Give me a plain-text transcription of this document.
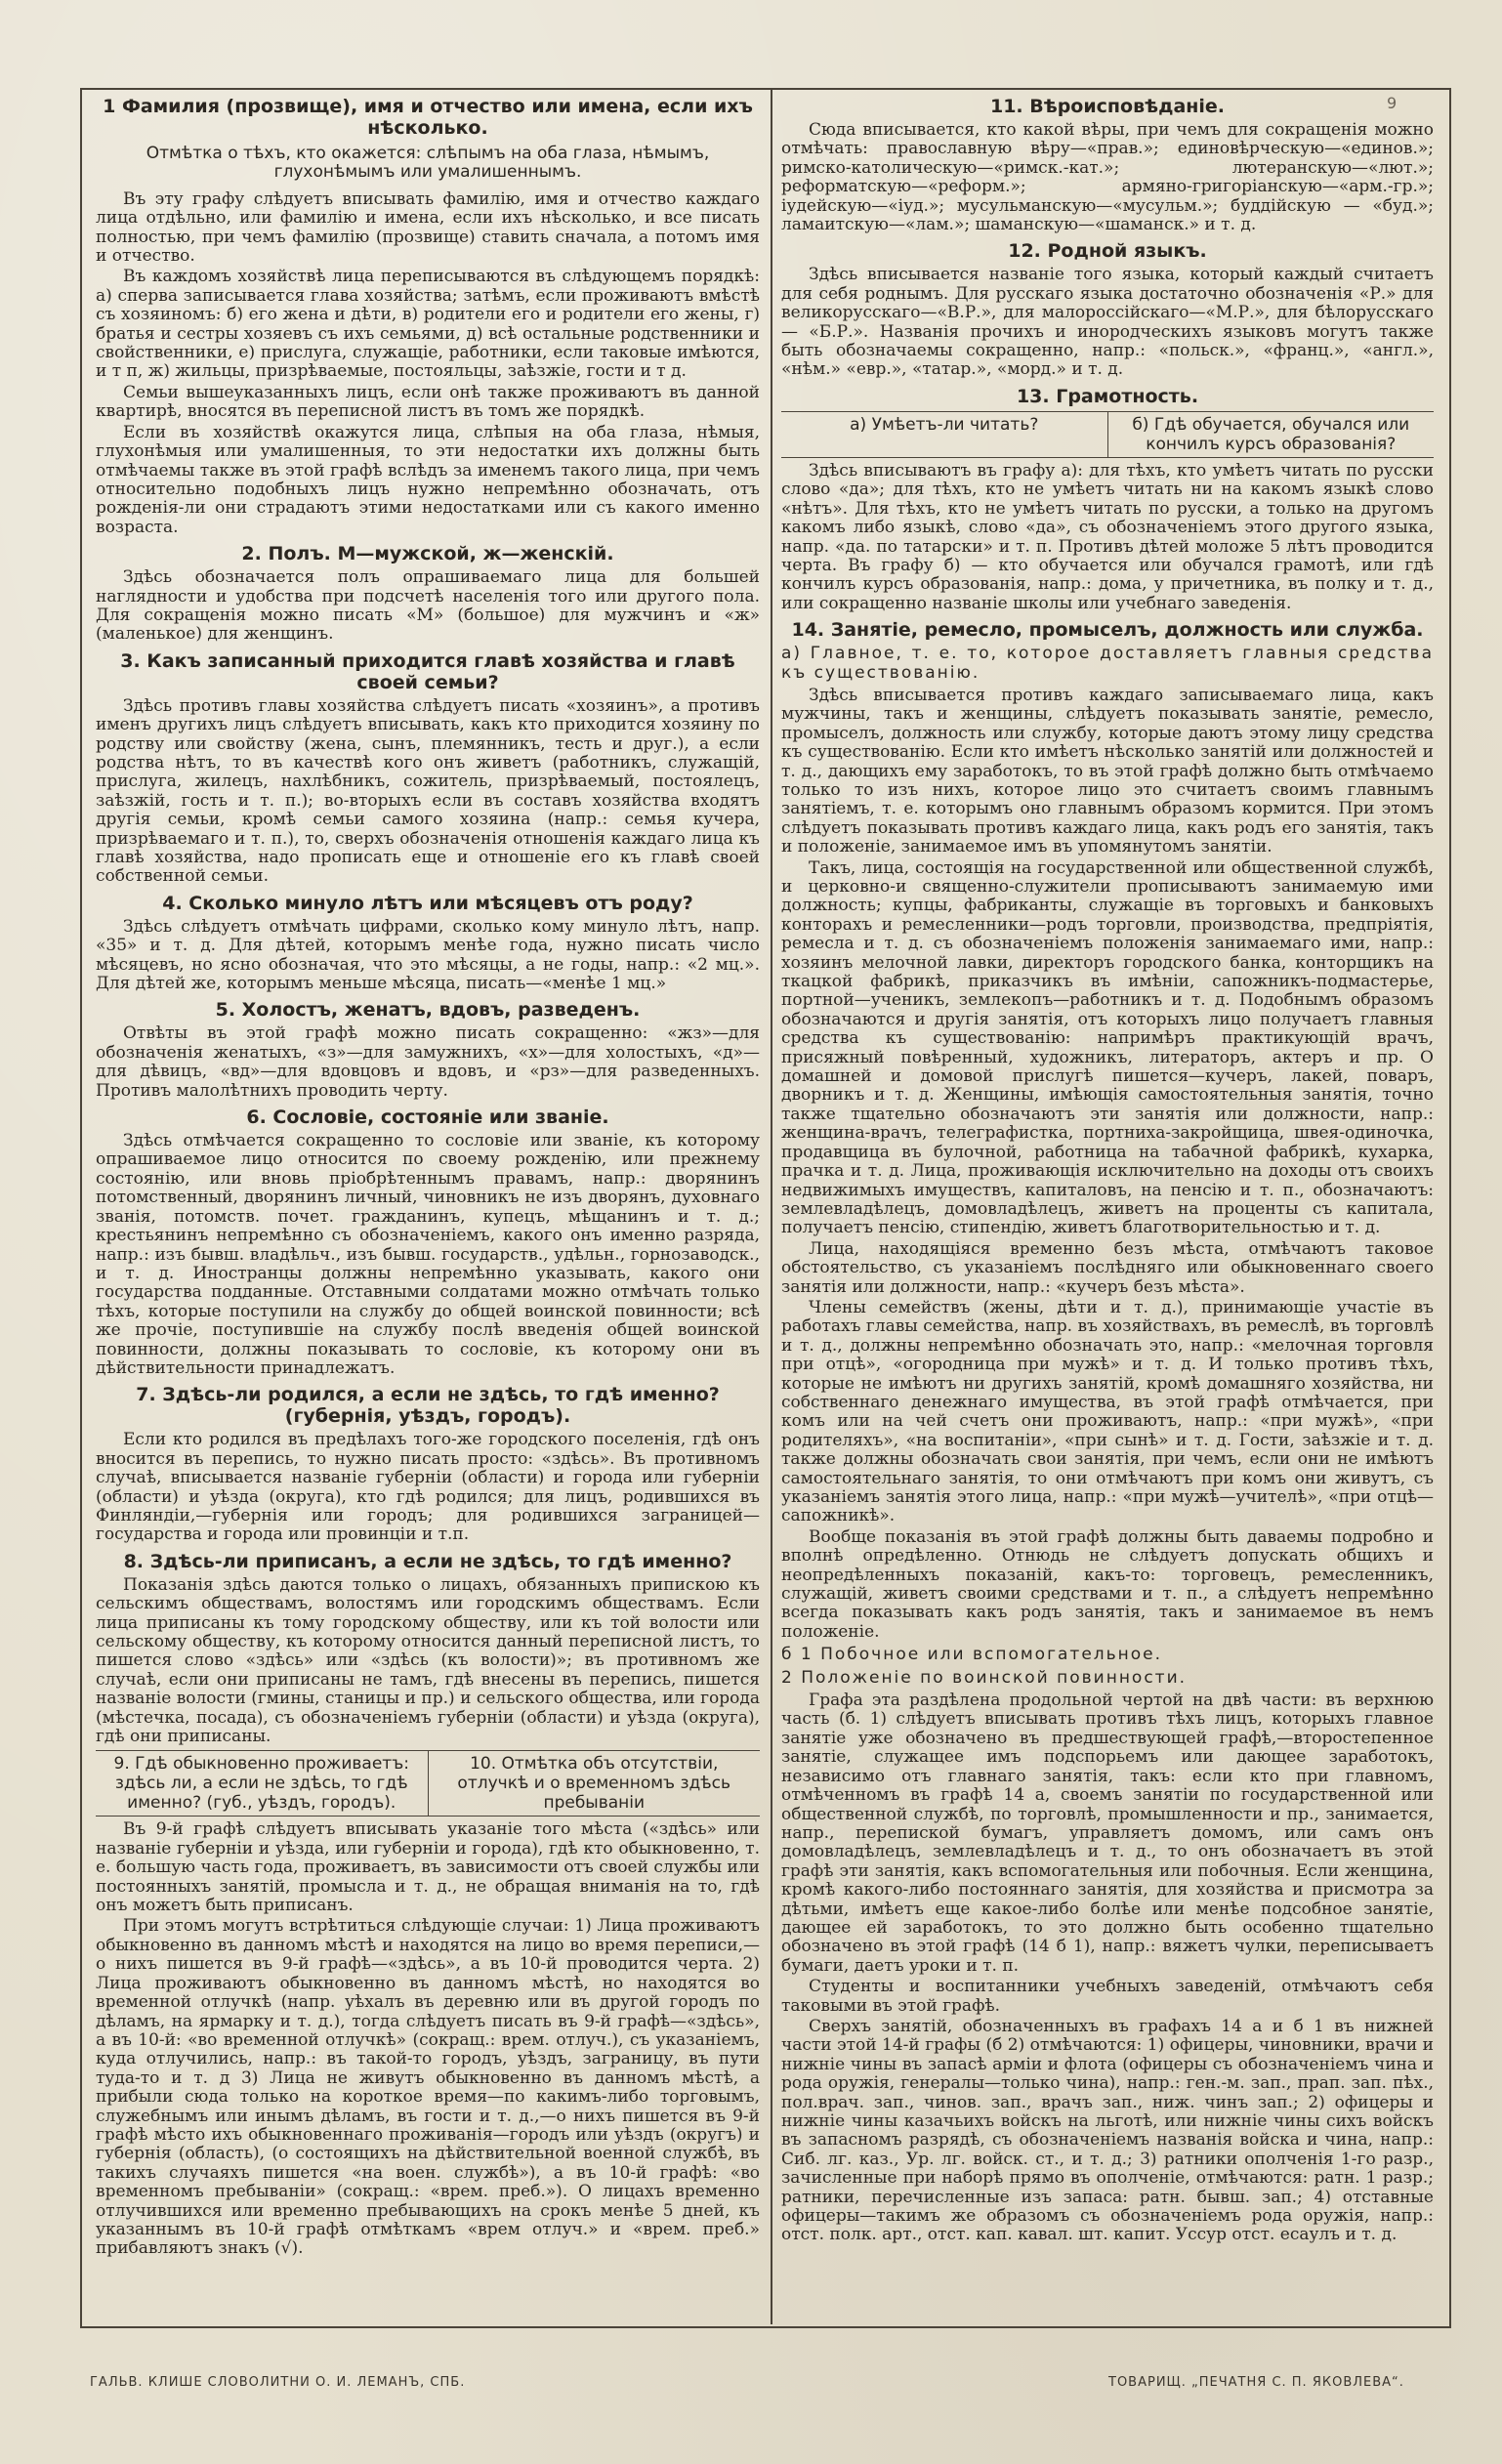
9
1 Фамилия (прозвище), имя и отчество или имена, если ихъ нѣсколько.
Отмѣтка о тѣхъ, кто окажется: слѣпымъ на оба глаза, нѣмымъ, глухонѣмымъ или умалишеннымъ.

Въ эту графу слѣдуетъ вписывать фамилію, имя и отчество каждаго лица отдѣльно, или фамилію и имена, если ихъ нѣсколько, и все писать полностью, при чемъ фамилію (прозвище) ставить сначала, а потомъ имя и отчество.

Въ каждомъ хозяйствѣ лица переписываются въ слѣдующемъ порядкѣ: а) сперва записывается глава хозяйства; затѣмъ, если проживаютъ вмѣстѣ съ хозяиномъ: б) его жена и дѣти, в) родители его и родители его жены, г) братья и сестры хозяевъ съ ихъ семьями, д) всѣ остальные родственники и свойственники, е) прислуга, служащіе, работники, если таковые имѣются, и т п, ж) жильцы, призрѣваемые, постояльцы, заѣзжіе, гости и т д.

Семьи вышеуказанныхъ лицъ, если онѣ также проживаютъ въ данной квартирѣ, вносятся въ переписной листъ въ томъ же порядкѣ.

Если въ хозяйствѣ окажутся лица, слѣпыя на оба глаза, нѣмыя, глухонѣмыя или умалишенныя, то эти недостатки ихъ должны быть отмѣчаемы также въ этой графѣ вслѣдъ за именемъ такого лица, при чемъ относительно подобныхъ лицъ нужно непремѣнно обозначать, отъ рожденія-ли они страдаютъ этими недостатками или съ какого именно возраста.

2. Полъ. М—мужской, ж—женскій.

Здѣсь обозначается полъ опрашиваемаго лица для большей наглядности и удобства при подсчетѣ населенія того или другого пола. Для сокращенія можно писать «М» (большое) для мужчинъ и «ж» (маленькое) для женщинъ.

3. Какъ записанный приходится главѣ хозяйства и главѣ своей семьи?

Здѣсь противъ главы хозяйства слѣдуетъ писать «хозяинъ», а противъ именъ другихъ лицъ слѣдуетъ вписывать, какъ кто приходится хозяину по родству или свойству (жена, сынъ, племянникъ, тесть и друг.), а если родства нѣтъ, то въ качествѣ кого онъ живетъ (работникъ, служащій, прислуга, жилецъ, нахлѣбникъ, сожитель, призрѣваемый, постоялецъ, заѣзжій, гость и т. п.); во-вторыхъ если въ составъ хозяйства входятъ другія семьи, кромѣ семьи самого хозяина (напр.: семья кучера, призрѣваемаго и т. п.), то, сверхъ обозначенія отношенія каждаго лица къ главѣ хозяйства, надо прописать еще и отношеніе его къ главѣ своей собственной семьи.

4. Сколько минуло лѣтъ или мѣсяцевъ отъ роду?

Здѣсь слѣдуетъ отмѣчать цифрами, сколько кому минуло лѣтъ, напр. «35» и т. д. Для дѣтей, которымъ менѣе года, нужно писать число мѣсяцевъ, но ясно обозначая, что это мѣсяцы, а не годы, напр.: «2 мц.». Для дѣтей же, которымъ меньше мѣсяца, писать—«менѣе 1 мц.»

5. Холостъ, женатъ, вдовъ, разведенъ.

Отвѣты въ этой графѣ можно писать сокращенно: «жз»—для обозначенія женатыхъ, «з»—для замужнихъ, «х»—для холостыхъ, «д»—для дѣвицъ, «вд»—для вдовцовъ и вдовъ, и «рз»—для разведенныхъ. Противъ малолѣтнихъ проводить черту.

6. Сословіе, состояніе или званіе.

Здѣсь отмѣчается сокращенно то сословіе или званіе, къ которому опрашиваемое лицо относится по своему рожденію, или прежнему состоянію, или вновь пріобрѣтеннымъ правамъ, напр.: дворянинъ потомственный, дворянинъ личный, чиновникъ не изъ дворянъ, духовнаго званія, потомств. почет. гражданинъ, купецъ, мѣщанинъ и т. д.; крестьянинъ непремѣнно съ обозначеніемъ, какого онъ именно разряда, напр.: изъ бывш. владѣльч., изъ бывш. государств., удѣльн., горнозаводск., и т. д. Иностранцы должны непремѣнно указывать, какого они государства подданные. Отставными солдатами можно отмѣчать только тѣхъ, которые поступили на службу до общей воинской повинности; всѣ же прочіе, поступившіе на службу послѣ введенія общей воинской повинности, должны показывать то сословіе, къ которому они въ дѣйствительности принадлежатъ.

7. Здѣсь-ли родился, а если не здѣсь, то гдѣ именно? (губернія, уѣздъ, городъ).

Если кто родился въ предѣлахъ того-же городского поселенія, гдѣ онъ вносится въ перепись, то нужно писать просто: «здѣсь». Въ противномъ случаѣ, вписывается названіе губерніи (области) и города или губерніи (области) и уѣзда (округа), кто гдѣ родился; для лицъ, родившихся въ Финляндіи,—губернія или городъ; для родившихся заграницей—государства и города или провинціи и т.п.

8. Здѣсь-ли приписанъ, а если не здѣсь, то гдѣ именно?

Показанія здѣсь даются только о лицахъ, обязанныхъ припискою къ сельскимъ обществамъ, волостямъ или городскимъ обществамъ. Если лица приписаны къ тому городскому обществу, или къ той волости или сельскому обществу, къ которому относится данный переписной листъ, то пишется слово «здѣсь» или «здѣсь (къ волости)»; въ противномъ же случаѣ, если они приписаны не тамъ, гдѣ внесены въ перепись, пишется названіе волости (гмины, станицы и пр.) и сельского общества, или города (мѣстечка, посада), съ обозначеніемъ губерніи (области) и уѣзда (округа), гдѣ они приписаны.

9. Гдѣ обыкновенно проживаетъ: здѣсь ли, а если не здѣсь, то гдѣ именно? (губ., уѣздъ, городъ).
10. Отмѣтка объ отсутствіи, отлучкѣ и о временномъ здѣсь пребываніи

Въ 9-й графѣ слѣдуетъ вписывать указаніе того мѣста («здѣсь» или названіе губерніи и уѣзда, или губерніи и города), гдѣ кто обыкновенно, т. е. большую часть года, проживаетъ, въ зависимости отъ своей службы или постоянныхъ занятій, промысла и т. д., не обращая вниманія на то, гдѣ онъ можетъ быть приписанъ.

При этомъ могутъ встрѣтиться слѣдующіе случаи: 1) Лица проживаютъ обыкновенно въ данномъ мѣстѣ и находятся на лицо во время переписи,—о нихъ пишется въ 9-й графѣ—«здѣсь», а въ 10-й проводится черта. 2) Лица проживаютъ обыкновенно въ данномъ мѣстѣ, но находятся во временной отлучкѣ (напр. уѣхалъ въ деревню или въ другой городъ по дѣламъ, на ярмарку и т. д.), тогда слѣдуетъ писать въ 9-й графѣ—«здѣсь», а въ 10-й: «во временной отлучкѣ» (сокращ.: врем. отлуч.), съ указаніемъ, куда отлучились, напр.: въ такой-то городъ, уѣздъ, заграницу, въ пути туда-то и т. д 3) Лица не живутъ обыкновенно въ данномъ мѣстѣ, а прибыли сюда только на короткое время—по какимъ-либо торговымъ, служебнымъ или инымъ дѣламъ, въ гости и т. д.,—о нихъ пишется въ 9-й графѣ мѣсто ихъ обыкновеннаго проживанія—городъ или уѣздъ (округъ) и губернія (область), (о состоящихъ на дѣйствительной военной службѣ, въ такихъ случаяхъ пишется «на воен. службѣ»), а въ 10-й графѣ: «во временномъ пребываніи» (сокращ.: «врем. преб.»). О лицахъ временно отлучившихся или временно пребывающихъ на срокъ менѣе 5 дней, къ указаннымъ въ 10-й графѣ отмѣткамъ «врем отлуч.» и «врем. преб.» прибавляютъ знакъ (√).

11. Вѣроисповѣданіе.

Сюда вписывается, кто какой вѣры, при чемъ для сокращенія можно отмѣчать: православную вѣру—«прав.»; единовѣрческую—«единов.»; римско-католическую—«римск.-кат.»; лютеранскую—«лют.»; реформатскую—«реформ.»; армяно-григоріанскую—«арм.-гр.»; іудейскую—«іуд.»; мусульманскую—«мусульм.»; буддійскую — «буд.»; ламаитскую—«лам.»; шаманскую—«шаманск.» и т. д.

12. Родной языкъ.

Здѣсь вписывается названіе того языка, который каждый считаетъ для себя роднымъ. Для русскаго языка достаточно обозначенія «Р.» для великорусскаго—«В.Р.», для малороссійскаго—«М.Р.», для бѣлорусскаго — «Б.Р.». Названія прочихъ и инородческихъ языковъ могутъ также быть обозначаемы сокращенно, напр.: «польск.», «франц.», «англ.», «нѣм.» «евр.», «татар.», «морд.» и т. д.

13. Грамотность.
а) Умѣетъ-ли читать?	б) Гдѣ обучается, обучался или кончилъ курсъ образованія?

Здѣсь вписываютъ въ графу а): для тѣхъ, кто умѣетъ читать по русски слово «да»; для тѣхъ, кто не умѣетъ читать ни на какомъ языкѣ слово «нѣтъ». Для тѣхъ, кто не умѣетъ читать по русски, а только на другомъ какомъ либо языкѣ, слово «да», съ обозначеніемъ этого другого языка, напр. «да. по татарски» и т. п. Противъ дѣтей моложе 5 лѣтъ проводится черта. Въ графу б) — кто обучается или обучался грамотѣ, или гдѣ кончилъ курсъ образованія, напр.: дома, у причетника, въ полку и т. д., или сокращенно названіе школы или учебнаго заведенія.

14. Занятіе, ремесло, промыселъ, должность или служба.
а) Главное, т. е. то, которое доставляетъ главныя средства къ существованію.

Здѣсь вписывается противъ каждаго записываемаго лица, какъ мужчины, такъ и женщины, слѣдуетъ показывать занятіе, ремесло, промыселъ, должность или службу, которые даютъ этому лицу средства къ существованію. Если кто имѣетъ нѣсколько занятій или должностей и т. д., дающихъ ему заработокъ, то въ этой графѣ должно быть отмѣчаемо только то изъ нихъ, которое лицо это считаетъ своимъ главнымъ занятіемъ, т. е. которымъ оно главнымъ образомъ кормится. При этомъ слѣдуетъ показывать противъ каждаго лица, какъ родъ его занятія, такъ и положеніе, занимаемое имъ въ упомянутомъ занятіи.

Такъ, лица, состоящія на государственной или общественной службѣ, и церковно-и священно-служители прописываютъ занимаемую ими должность; купцы, фабриканты, служащіе въ торговыхъ и банковыхъ конторахъ и ремесленники—родъ торговли, производства, предпріятія, ремесла и т. д. съ обозначеніемъ положенія занимаемаго ими, напр.: хозяинъ мелочной лавки, директоръ городского банка, конторщикъ на ткацкой фабрикѣ, приказчикъ въ имѣніи, сапожникъ-подмастерье, портной—ученикъ, землекопъ—работникъ и т. д. Подобнымъ образомъ обозначаются и другія занятія, отъ которыхъ лицо получаетъ главныя средства къ существованію: напримѣръ практикующій врачъ, присяжный повѣренный, художникъ, литераторъ, актеръ и пр. О домашней и домовой прислугѣ пишется—кучеръ, лакей, поваръ, дворникъ и т. д. Женщины, имѣющія самостоятельныя занятія, точно также тщательно обозначаютъ эти занятія или должности, напр.: женщина-врачъ, телеграфистка, портниха-закройщица, швея-одиночка, продавщица въ булочной, работница на табачной фабрикѣ, кухарка, прачка и т. д. Лица, проживающія исключительно на доходы отъ своихъ недвижимыхъ имуществъ, капиталовъ, на пенсію и т. п., обозначаютъ: землевладѣлецъ, домовладѣлецъ, живетъ на проценты съ капитала, получаетъ пенсію, стипендію, живетъ благотворительностью и т. д.

Лица, находящіяся временно безъ мѣста, отмѣчаютъ таковое обстоятельство, съ указаніемъ послѣдняго или обыкновеннаго своего занятія или должности, напр.: «кучеръ безъ мѣста».

Члены семействъ (жены, дѣти и т. д.), принимающіе участіе въ работахъ главы семейства, напр. въ хозяйствахъ, въ ремеслѣ, въ торговлѣ и т. д., должны непремѣнно обозначать это, напр.: «мелочная торговля при отцѣ», «огородница при мужѣ» и т. д. И только противъ тѣхъ, которые не имѣютъ ни другихъ занятій, кромѣ домашняго хозяйства, ни собственнаго денежнаго имущества, въ этой графѣ отмѣчается, при комъ или на чей счетъ они проживаютъ, напр.: «при мужѣ», «при родителяхъ», «на воспитаніи», «при сынѣ» и т. д. Гости, заѣзжіе и т. д. также должны обозначать свои занятія, при чемъ, если они не имѣютъ самостоятельнаго занятія, то они отмѣчаютъ при комъ они живутъ, съ указаніемъ занятія этого лица, напр.: «при мужѣ—учителѣ», «при отцѣ—сапожникѣ».

Вообще показанія въ этой графѣ должны быть даваемы подробно и вполнѣ опредѣленно. Отнюдь не слѣдуетъ допускать общихъ и неопредѣленныхъ показаній, какъ-то: торговецъ, ремесленникъ, служащій, живетъ своими средствами и т. п., а слѣдуетъ непремѣнно всегда показывать какъ родъ занятія, такъ и занимаемое въ немъ положеніе.

б 1 Побочное или вспомогательное.
2 Положеніе по воинской повинности.

Графа эта раздѣлена продольной чертой на двѣ части: въ верхнюю часть (б. 1) слѣдуетъ вписывать противъ тѣхъ лицъ, которыхъ главное занятіе уже обозначено въ предшествующей графѣ,—второстепенное занятіе, служащее имъ подспорьемъ или дающее заработокъ, независимо отъ главнаго занятія, такъ: если кто при главномъ, отмѣченномъ въ графѣ 14 а, своемъ занятіи по государственной или общественной службѣ, по торговлѣ, промышленности и пр., занимается, напр., перепиской бумагъ, управляетъ домомъ, или самъ онъ домовладѣлецъ, землевладѣлецъ и т. д., то онъ обозначаетъ въ этой графѣ эти занятія, какъ вспомогательныя или побочныя. Если женщина, кромѣ какого-либо постояннаго занятія, для хозяйства и присмотра за дѣтьми, имѣетъ еще какое-либо болѣе или менѣе подсобное занятіе, дающее ей заработокъ, то это должно быть особенно тщательно обозначено въ этой графѣ (14 б 1), напр.: вяжетъ чулки, переписываетъ бумаги, даетъ уроки и т. п.

Студенты и воспитанники учебныхъ заведеній, отмѣчаютъ себя таковыми въ этой графѣ.

Сверхъ занятій, обозначенныхъ въ графахъ 14 а и б 1 въ нижней части этой 14-й графы (б 2) отмѣчаются: 1) офицеры, чиновники, врачи и нижніе чины въ запасѣ арміи и флота (офицеры съ обозначеніемъ чина и рода оружія, генералы—только чина), напр.: ген.-м. зап., прап. зап. пѣх., пол.врач. зап., чинов. зап., врачъ зап., ниж. чинъ зап.; 2) офицеры и нижніе чины казачьихъ войскъ на льготѣ, или нижніе чины сихъ войскъ въ запасномъ разрядѣ, съ обозначеніемъ названія войска и чина, напр.: Сиб. лг. каз., Ур. лг. войск. ст., и т. д.; 3) ратники ополченія 1-го разр., зачисленные при наборѣ прямо въ ополченіе, отмѣчаются: ратн. 1 разр.; ратники, перечисленные изъ запаса: ратн. бывш. зап.; 4) отставные офицеры—такимъ же образомъ съ обозначеніемъ рода оружія, напр.: отст. полк. арт., отст. кап. кавал. шт. капит. Уссур отст. есаулъ и т. д.

ГАЛЬВ. КЛИШЕ СЛОВОЛИТНИ О. И. ЛЕМАНЪ, СПБ.	ТОВАРИЩ. „ПЕЧАТНЯ С. П. ЯКОВЛЕВА“.
